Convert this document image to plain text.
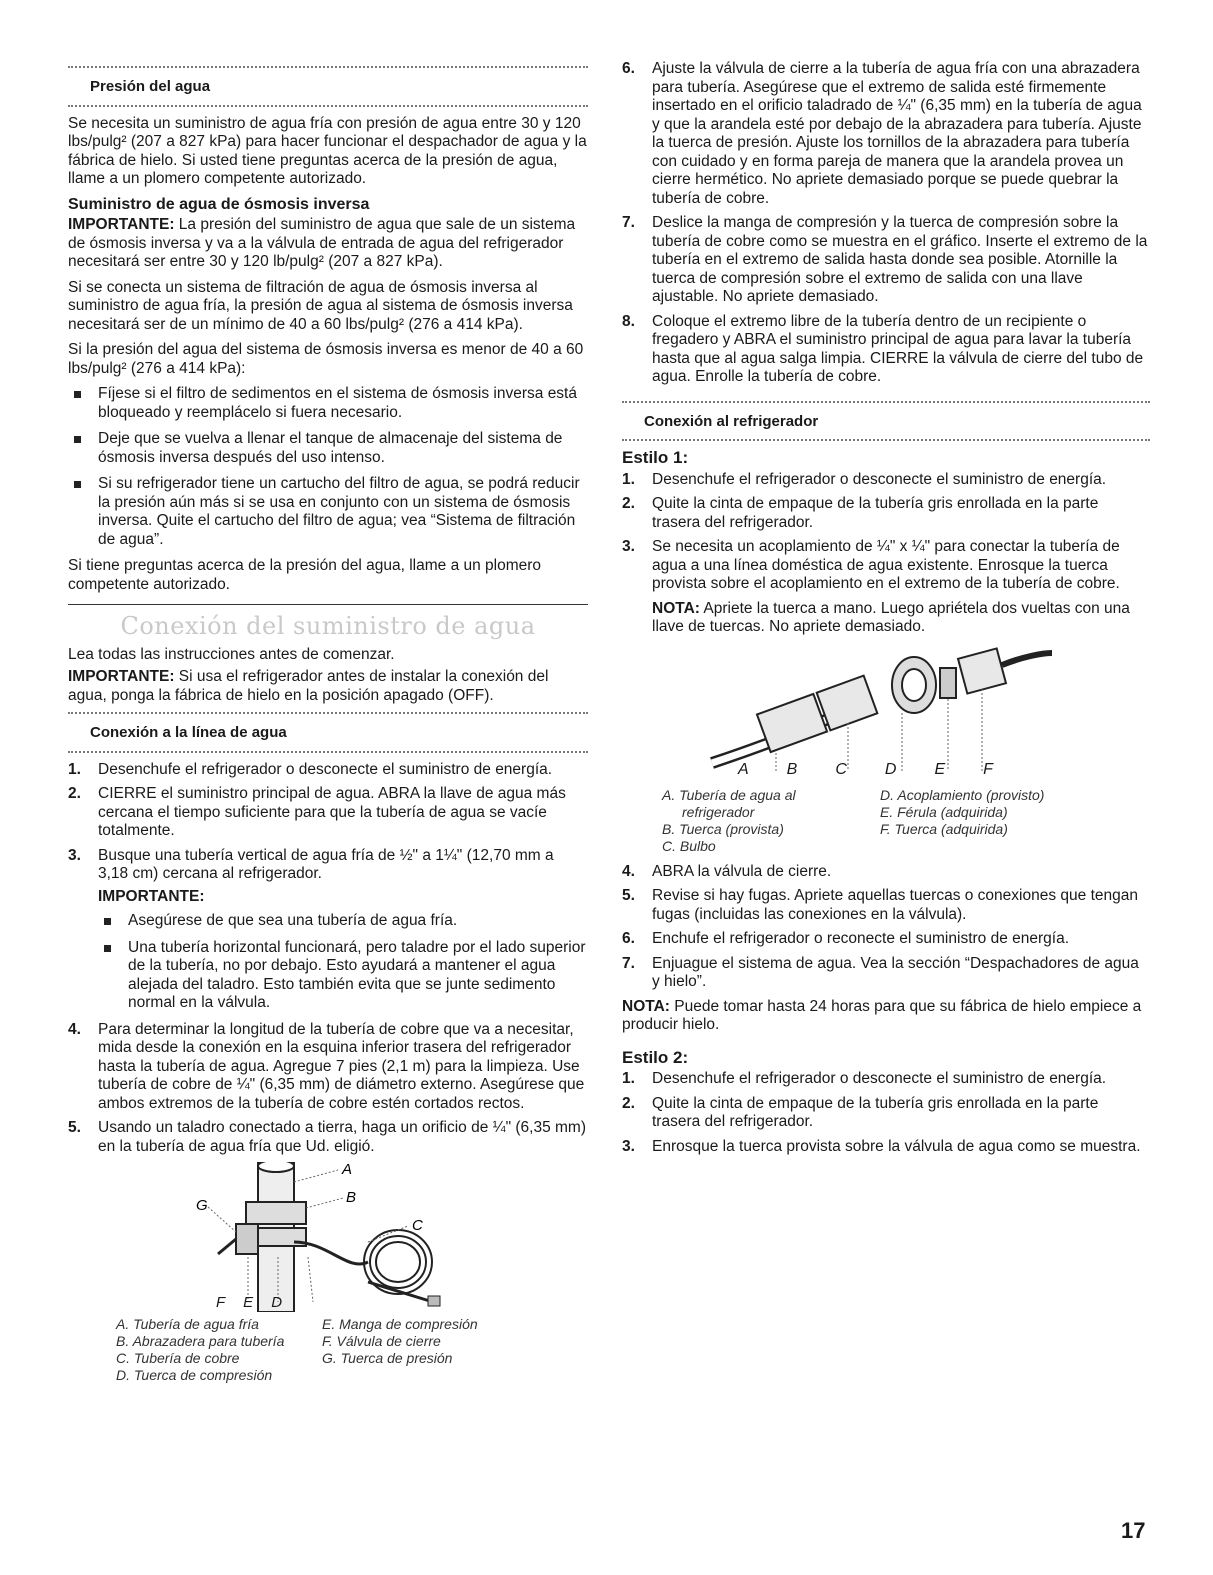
Presión del agua

Se necesita un suministro de agua fría con presión de agua entre 30 y 120 lbs/pulg² (207 a 827 kPa) para hacer funcionar el despachador de agua y la fábrica de hielo. Si usted tiene preguntas acerca de la presión de agua, llame a un plomero competente autorizado.

Suministro de agua de ósmosis inversa

IMPORTANTE: La presión del suministro de agua que sale de un sistema de ósmosis inversa y va a la válvula de entrada de agua del refrigerador necesitará ser entre 30 y 120 lb/pulg² (207 a 827 kPa).

Si se conecta un sistema de filtración de agua de ósmosis inversa al suministro de agua fría, la presión de agua al sistema de ósmosis inversa necesitará ser de un mínimo de 40 a 60 lbs/pulg² (276 a 414 kPa).

Si la presión del agua del sistema de ósmosis inversa es menor de 40 a 60 lbs/pulg² (276 a 414 kPa):

Fíjese si el filtro de sedimentos en el sistema de ósmosis inversa está bloqueado y reemplácelo si fuera necesario.
Deje que se vuelva a llenar el tanque de almacenaje del sistema de ósmosis inversa después del uso intenso.
Si su refrigerador tiene un cartucho del filtro de agua, se podrá reducir la presión aún más si se usa en conjunto con un sistema de ósmosis inversa. Quite el cartucho del filtro de agua; vea “Sistema de filtración de agua”.

Si tiene preguntas acerca de la presión del agua, llame a un plomero competente autorizado.

Conexión del suministro de agua

Lea todas las instrucciones antes de comenzar.

IMPORTANTE: Si usa el refrigerador antes de instalar la conexión del agua, ponga la fábrica de hielo en la posición apagado (OFF).

Conexión a la línea de agua
1. Desenchufe el refrigerador o desconecte el suministro de energía.
2. CIERRE el suministro principal de agua. ABRA la llave de agua más cercana el tiempo suficiente para que la tubería de agua se vacíe totalmente.
3. Busque una tubería vertical de agua fría de ½" a 1¼" (12,70 mm a 3,18 cm) cercana al refrigerador.
IMPORTANTE:
Asegúrese de que sea una tubería de agua fría.
Una tubería horizontal funcionará, pero taladre por el lado superior de la tubería, no por debajo. Esto ayudará a mantener el agua alejada del taladro. Esto también evita que se junte sedimento normal en la válvula.
4. Para determinar la longitud de la tubería de cobre que va a necesitar, mida desde la conexión en la esquina inferior trasera del refrigerador hasta la tubería de agua. Agregue 7 pies (2,1 m) para la limpieza. Use tubería de cobre de ¼" (6,35 mm) de diámetro externo. Asegúrese que ambos extremos de la tubería de cobre estén cortados rectos.
5. Usando un taladro conectado a tierra, haga un orificio de ¼" (6,35 mm) en la tubería de agua fría que Ud. eligió.
A
B
C
G
FED
A. Tubería de agua fría
B. Abrazadera para tubería
C. Tubería de cobre
D. Tuerca de compresión

E. Manga de compresión
F. Válvula de cierre
G. Tuerca de presión
6. Ajuste la válvula de cierre a la tubería de agua fría con una abrazadera para tubería. Asegúrese que el extremo de salida esté firmemente insertado en el orificio taladrado de ¼" (6,35 mm) en la tubería de agua y que la arandela esté por debajo de la abrazadera para tubería. Ajuste la tuerca de presión. Ajuste los tornillos de la abrazadera para tubería con cuidado y en forma pareja de manera que la arandela provea un cierre hermético. No apriete demasiado porque se puede quebrar la tubería de cobre.
7. Deslice la manga de compresión y la tuerca de compresión sobre la tubería de cobre como se muestra en el gráfico. Inserte el extremo de la tubería en el extremo de salida hasta donde sea posible. Atornille la tuerca de compresión sobre el extremo de salida con una llave ajustable. No apriete demasiado.
8. Coloque el extremo libre de la tubería dentro de un recipiente o fregadero y ABRA el suministro principal de agua para lavar la tubería hasta que al agua salga limpia. CIERRE la válvula de cierre del tubo de agua. Enrolle la tubería de cobre.
Conexión al refrigerador
Estilo 1:
1. Desenchufe el refrigerador o desconecte el suministro de energía.
2. Quite la cinta de empaque de la tubería gris enrollada en la parte trasera del refrigerador.
3. Se necesita un acoplamiento de ¼" x ¼" para conectar la tubería de agua a una línea doméstica de agua existente. Enrosque la tuerca provista sobre el acoplamiento en el extremo de la tubería de cobre.
NOTA: Apriete la tuerca a mano. Luego apriétela dos vueltas con una llave de tuercas. No apriete demasiado.
A B C D E F
A. Tubería de agua al
refrigerador
B. Tuerca (provista)
C. Bulbo

D. Acoplamiento (provisto)
E. Férula (adquirida)
F. Tuerca (adquirida)
4. ABRA la válvula de cierre.
5. Revise si hay fugas. Apriete aquellas tuercas o conexiones que tengan fugas (incluidas las conexiones en la válvula).
6. Enchufe el refrigerador o reconecte el suministro de energía.
7. Enjuague el sistema de agua. Vea la sección “Despachadores de agua y hielo”.

NOTA: Puede tomar hasta 24 horas para que su fábrica de hielo empiece a producir hielo.

Estilo 2:
1. Desenchufe el refrigerador o desconecte el suministro de energía.
2. Quite la cinta de empaque de la tubería gris enrollada en la parte trasera del refrigerador.
3. Enrosque la tuerca provista sobre la válvula de agua como se muestra.
17
